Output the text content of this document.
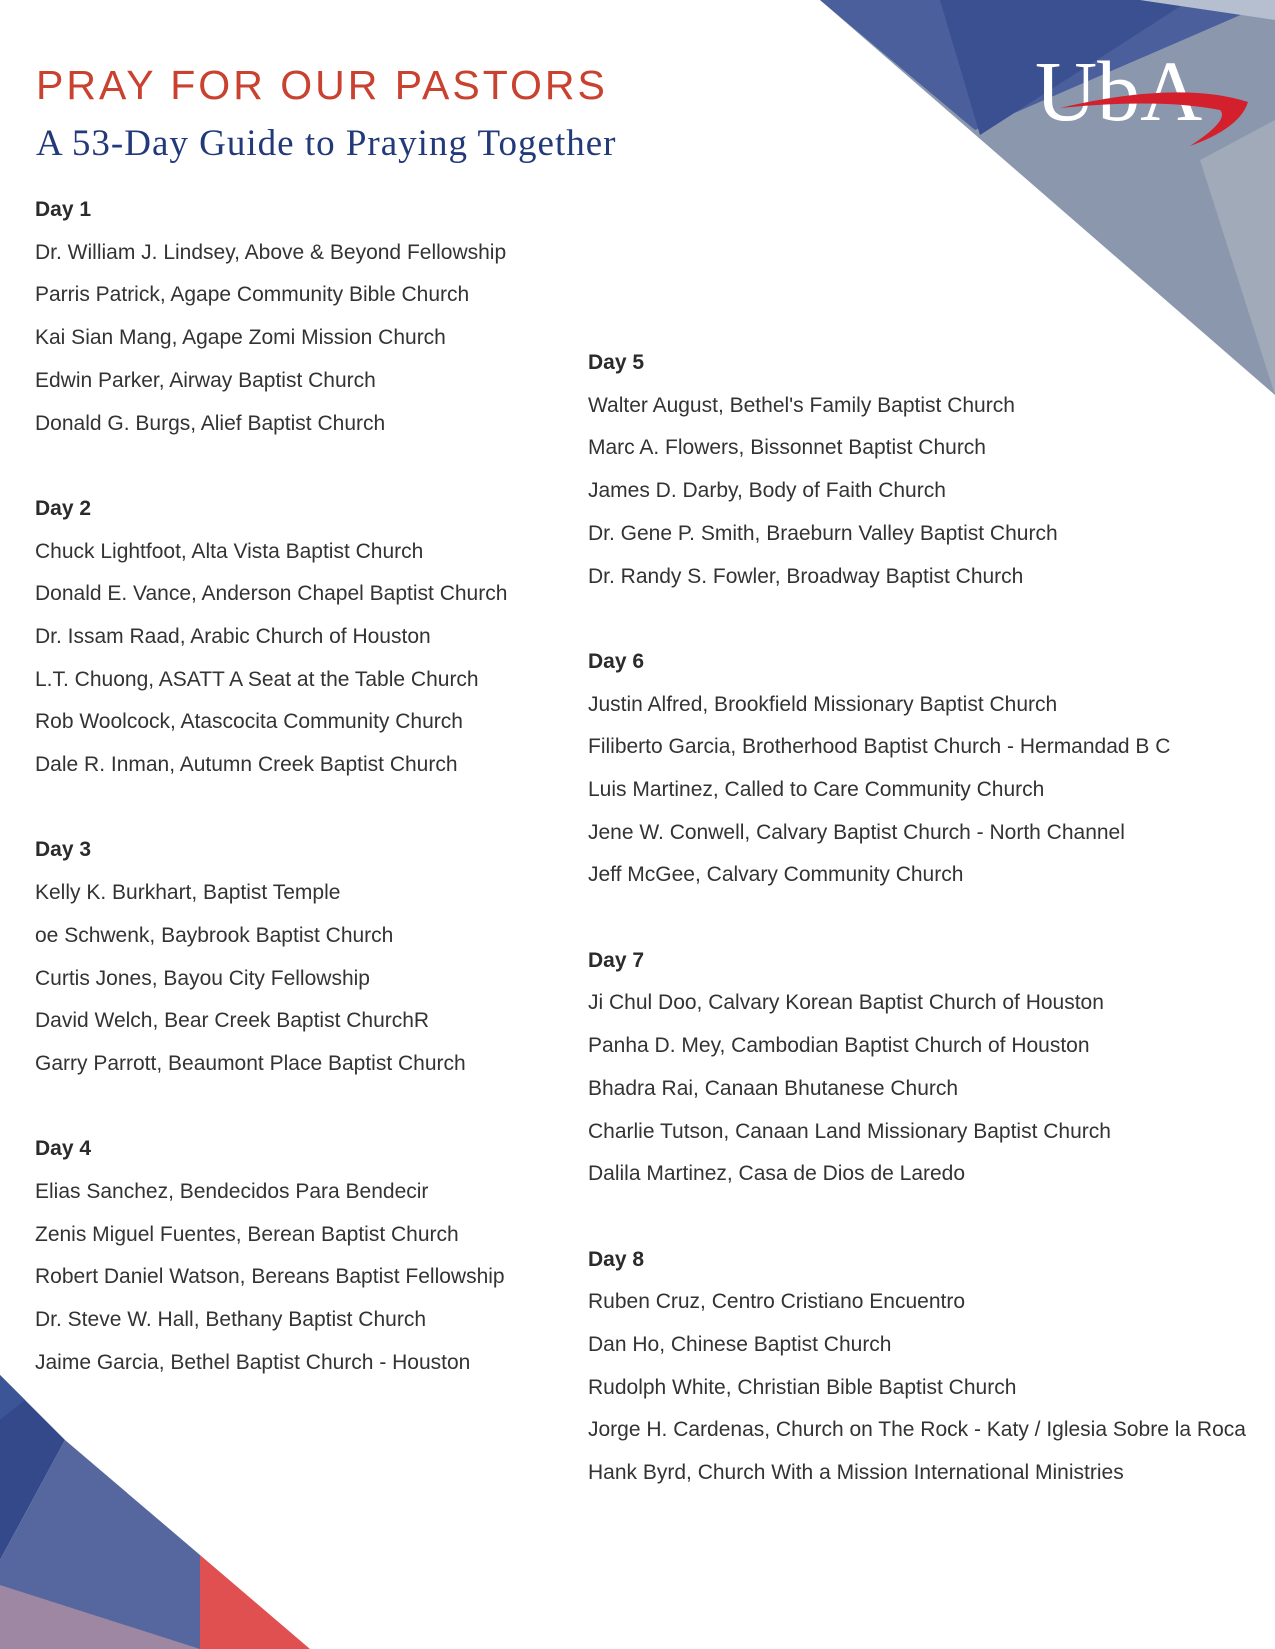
UbA
PRAY FOR OUR PASTORS
A 53-Day Guide to Praying Together
Day 1
Dr. William J. Lindsey, Above & Beyond Fellowship
Parris Patrick, Agape Community Bible Church
Kai Sian Mang, Agape Zomi Mission Church
Edwin Parker, Airway Baptist Church
Donald G. Burgs, Alief Baptist Church
Day 2
Chuck Lightfoot, Alta Vista Baptist Church
Donald E. Vance, Anderson Chapel Baptist Church
Dr. Issam Raad, Arabic Church of Houston
L.T. Chuong, ASATT A Seat at the Table Church
Rob Woolcock, Atascocita Community Church
Dale R. Inman, Autumn Creek Baptist Church
Day 3
Kelly K. Burkhart, Baptist Temple
oe Schwenk, Baybrook Baptist Church
Curtis Jones, Bayou City Fellowship
David Welch, Bear Creek Baptist ChurchR
Garry Parrott, Beaumont Place Baptist Church
Day 4
Elias Sanchez, Bendecidos Para Bendecir
Zenis Miguel Fuentes, Berean Baptist Church
Robert Daniel Watson, Bereans Baptist Fellowship
Dr. Steve W. Hall, Bethany Baptist Church
Jaime Garcia, Bethel Baptist Church - Houston
Day 5
Walter August, Bethel's Family Baptist Church
Marc A. Flowers, Bissonnet Baptist Church
James D. Darby, Body of Faith Church
Dr. Gene P. Smith, Braeburn Valley Baptist Church
Dr. Randy S. Fowler, Broadway Baptist Church
Day 6
Justin Alfred, Brookfield Missionary Baptist Church
Filiberto Garcia, Brotherhood Baptist Church - Hermandad B C
Luis Martinez, Called to Care Community Church
Jene W. Conwell, Calvary Baptist Church - North Channel
Jeff McGee, Calvary Community Church
Day 7
Ji Chul Doo, Calvary Korean Baptist Church of Houston
Panha D. Mey, Cambodian Baptist Church of Houston
Bhadra Rai, Canaan Bhutanese Church
Charlie Tutson, Canaan Land Missionary Baptist Church
Dalila Martinez, Casa de Dios de Laredo
Day 8
Ruben Cruz, Centro Cristiano Encuentro
Dan Ho, Chinese Baptist Church
Rudolph White, Christian Bible Baptist Church
Jorge H. Cardenas, Church on The Rock - Katy / Iglesia Sobre la Roca
Hank Byrd, Church With a Mission International Ministries
